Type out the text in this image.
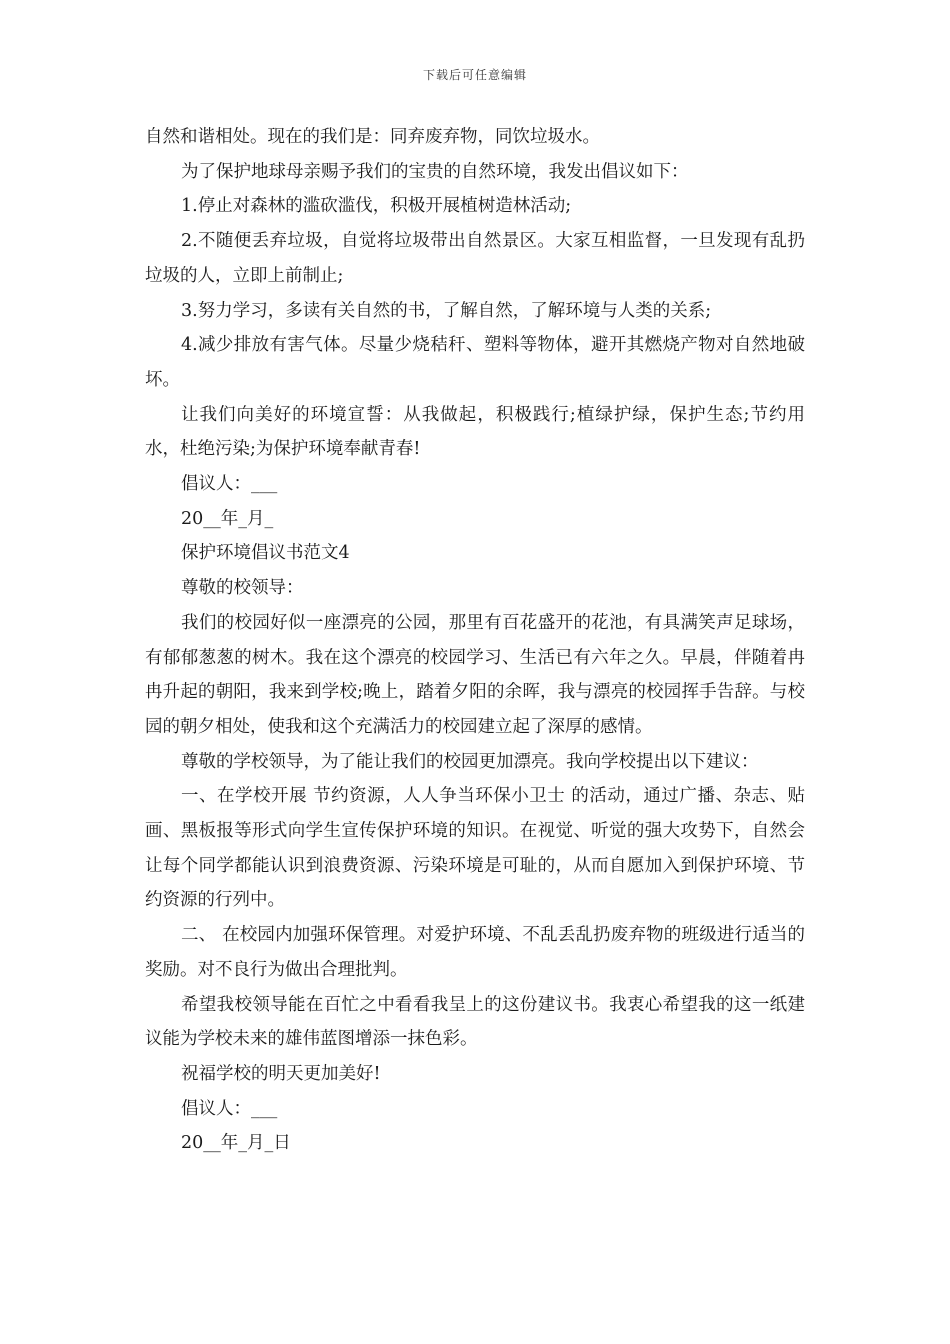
下载后可任意编辑

自然和谐相处。现在的我们是：同弃废弃物，同饮垃圾水。

为了保护地球母亲赐予我们的宝贵的自然环境，我发出倡议如下：

1.停止对森林的滥砍滥伐，积极开展植树造林活动;

2.不随便丢弃垃圾，自觉将垃圾带出自然景区。大家互相监督，一旦发现有乱扔垃圾的人，立即上前制止;

3.努力学习，多读有关自然的书，了解自然，了解环境与人类的关系;

4.减少排放有害气体。尽量少烧秸秆、塑料等物体，避开其燃烧产物对自然地破坏。

让我们向美好的环境宣誓：从我做起，积极践行;植绿护绿，保护生态;节约用水，杜绝污染;为保护环境奉献青春!

倡议人：___

20__年_月_

保护环境倡议书范文4

尊敬的校领导：

我们的校园好似一座漂亮的公园，那里有百花盛开的花池，有具满笑声足球场，有郁郁葱葱的树木。我在这个漂亮的校园学习、生活已有六年之久。早晨，伴随着冉冉升起的朝阳，我来到学校;晚上，踏着夕阳的余晖，我与漂亮的校园挥手告辞。与校园的朝夕相处，使我和这个充满活力的校园建立起了深厚的感情。

尊敬的学校领导，为了能让我们的校园更加漂亮。我向学校提出以下建议：

一、在学校开展 节约资源，人人争当环保小卫士 的活动，通过广播、杂志、贴画、黑板报等形式向学生宣传保护环境的知识。在视觉、听觉的强大攻势下，自然会让每个同学都能认识到浪费资源、污染环境是可耻的，从而自愿加入到保护环境、节约资源的行列中。

二、 在校园内加强环保管理。对爱护环境、不乱丢乱扔废弃物的班级进行适当的奖励。对不良行为做出合理批判。

希望我校领导能在百忙之中看看我呈上的这份建议书。我衷心希望我的这一纸建议能为学校未来的雄伟蓝图增添一抹色彩。

祝福学校的明天更加美好!

倡议人：___

20__年_月_日
